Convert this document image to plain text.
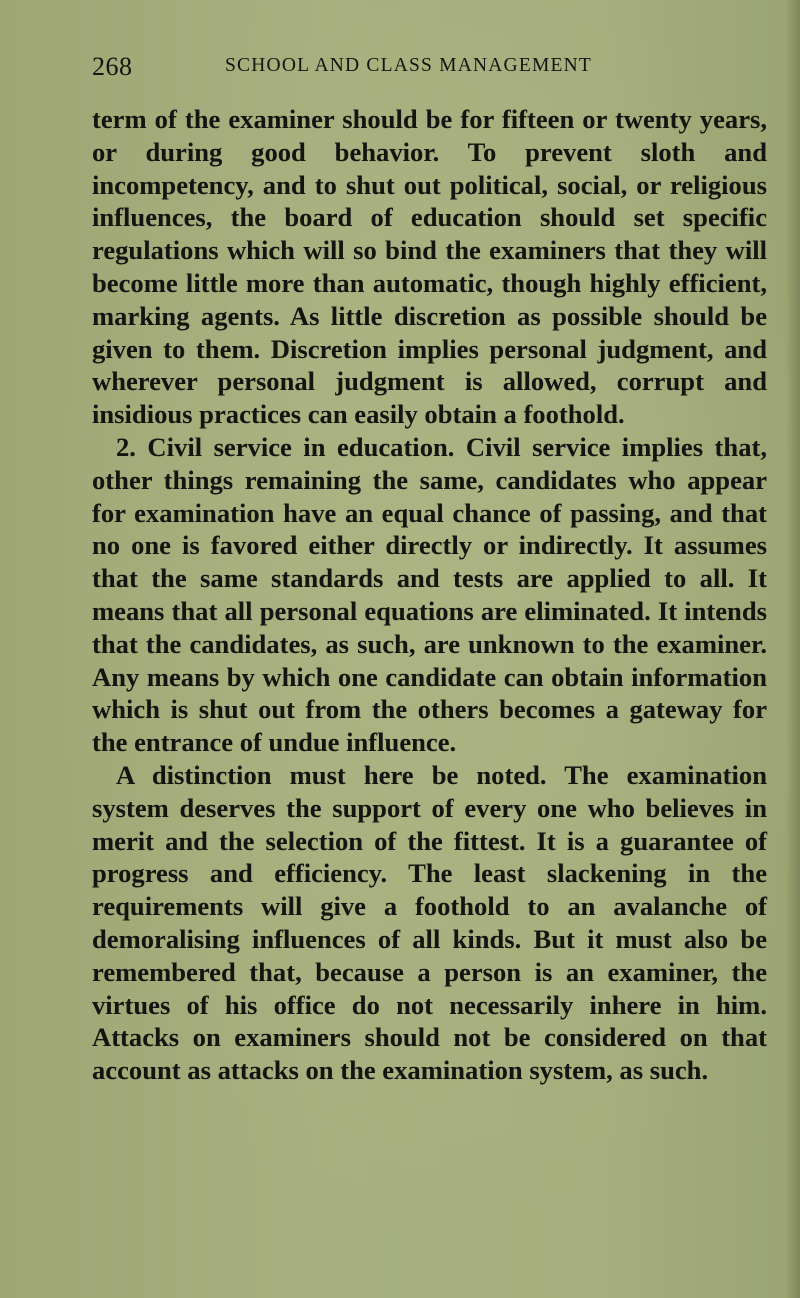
268	SCHOOL AND CLASS MANAGEMENT

term of the examiner should be for fifteen or twenty years, or during good behavior. To prevent sloth and incompetency, and to shut out political, social, or religious influences, the board of education should set specific regulations which will so bind the examiners that they will become little more than automatic, though highly efficient, marking agents. As little discretion as possible should be given to them. Discretion implies personal judgment, and wherever personal judgment is allowed, corrupt and insidious practices can easily obtain a foothold.

2. Civil service in education. Civil service implies that, other things remaining the same, candidates who appear for examination have an equal chance of passing, and that no one is favored either directly or indirectly. It assumes that the same standards and tests are applied to all. It means that all personal equations are eliminated. It intends that the candidates, as such, are unknown to the examiner. Any means by which one candidate can obtain information which is shut out from the others becomes a gateway for the entrance of undue influence.

A distinction must here be noted. The examination system deserves the support of every one who believes in merit and the selection of the fittest. It is a guarantee of progress and efficiency. The least slackening in the requirements will give a foothold to an avalanche of demoralising influences of all kinds. But it must also be remembered that, because a person is an examiner, the virtues of his office do not necessarily inhere in him. Attacks on examiners should not be considered on that account as attacks on the examination system, as such.
